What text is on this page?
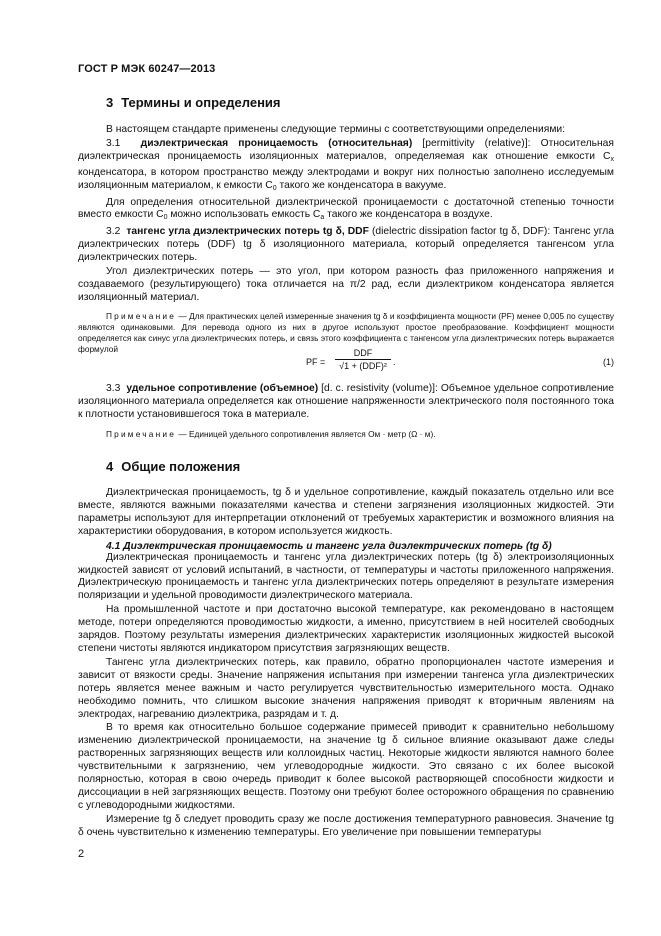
ГОСТ Р МЭК 60247—2013
3 Термины и определения

В настоящем стандарте применены следующие термины с соответствующими определениями:

3.1 диэлектрическая проницаемость (относительная) [permittivity (relative)]: Относительная диэлектрическая проницаемость изоляционных материалов, определяемая как отношение емкости $C_x$ конденсатора, в котором пространство между электродами и вокруг них полностью заполнено исследуемым изоляционным материалом, к емкости $C_0$ такого же конденсатора в вакууме.

Для определения относительной диэлектрической проницаемости с достаточной степенью точности вместо емкости $C_0$ можно использовать емкость $C_a$ такого же конденсатора в воздухе.

3.2 тангенс угла диэлектрических потерь tg δ, DDF (dielectric dissipation factor tg δ, DDF): Тангенс угла диэлектрических потерь (DDF) tg δ изоляционного материала, который определяется тангенсом угла диэлектрических потерь.

Угол диэлектрических потерь — это угол, при котором разность фаз приложенного напряжения и создаваемого (результирующего) тока отличается на π/2 рад, если диэлектриком конденсатора является изоляционный материал.

Примечание — Для практических целей измеренные значения tg δ и коэффициента мощности (PF) менее 0,005 по существу являются одинаковыми. Для перевода одного из них в другое используют простое преобразование. Коэффициент мощности определяется как синус угла диэлектрических потерь, и связь этого коэффициента с тангенсом угла диэлектрических потерь выражается формулой

PF =
DDF
√1 + (DDF)² .	(1)

3.3 удельное сопротивление (объемное) [d. c. resistivity (volume)]: Объемное удельное сопротивление изоляционного материала определяется как отношение напряженности электрического поля постоянного тока к плотности установившегося тока в материале.

Примечание — Единицей удельного сопротивления является Ом · метр (Ω · м).

4 Общие положения

Диэлектрическая проницаемость, tg δ и удельное сопротивление, каждый показатель отдельно или все вместе, являются важными показателями качества и степени загрязнения изоляционных жидкостей. Эти параметры используют для интерпретации отклонений от требуемых характеристик и возможного влияния на характеристики оборудования, в котором используется жидкость.

4.1 Диэлектрическая проницаемость и тангенс угла диэлектрических потерь (tg δ)

Диэлектрическая проницаемость и тангенс угла диэлектрических потерь (tg δ) электроизоляционных жидкостей зависят от условий испытаний, в частности, от температуры и частоты приложенного напряжения. Диэлектрическую проницаемость и тангенс угла диэлектрических потерь определяют в результате измерения поляризации и удельной проводимости диэлектрического материала.

На промышленной частоте и при достаточно высокой температуре, как рекомендовано в настоящем методе, потери определяются проводимостью жидкости, а именно, присутствием в ней носителей свободных зарядов. Поэтому результаты измерения диэлектрических характеристик изоляционных жидкостей высокой степени чистоты являются индикатором присутствия загрязняющих веществ.

Тангенс угла диэлектрических потерь, как правило, обратно пропорционален частоте измерения и зависит от вязкости среды. Значение напряжения испытания при измерении тангенса угла диэлектрических потерь является менее важным и часто регулируется чувствительностью измерительного моста. Однако необходимо помнить, что слишком высокие значения напряжения приводят к вторичным явлениям на электродах, нагреванию диэлектрика, разрядам и т. д.

В то время как относительно большое содержание примесей приводит к сравнительно небольшому изменению диэлектрической проницаемости, на значение tg δ сильное влияние оказывают даже следы растворенных загрязняющих веществ или коллоидных частиц. Некоторые жидкости являются намного более чувствительными к загрязнению, чем углеводородные жидкости. Это связано с их более высокой полярностью, которая в свою очередь приводит к более высокой растворяющей способности жидкости и диссоциации в ней загрязняющих веществ. Поэтому они требуют более осторожного обращения по сравнению с углеводородными жидкостями.

Измерение tg δ следует проводить сразу же после достижения температурного равновесия. Значение tg δ очень чувствительно к изменению температуры. Его увеличение при повышении температуры

2
